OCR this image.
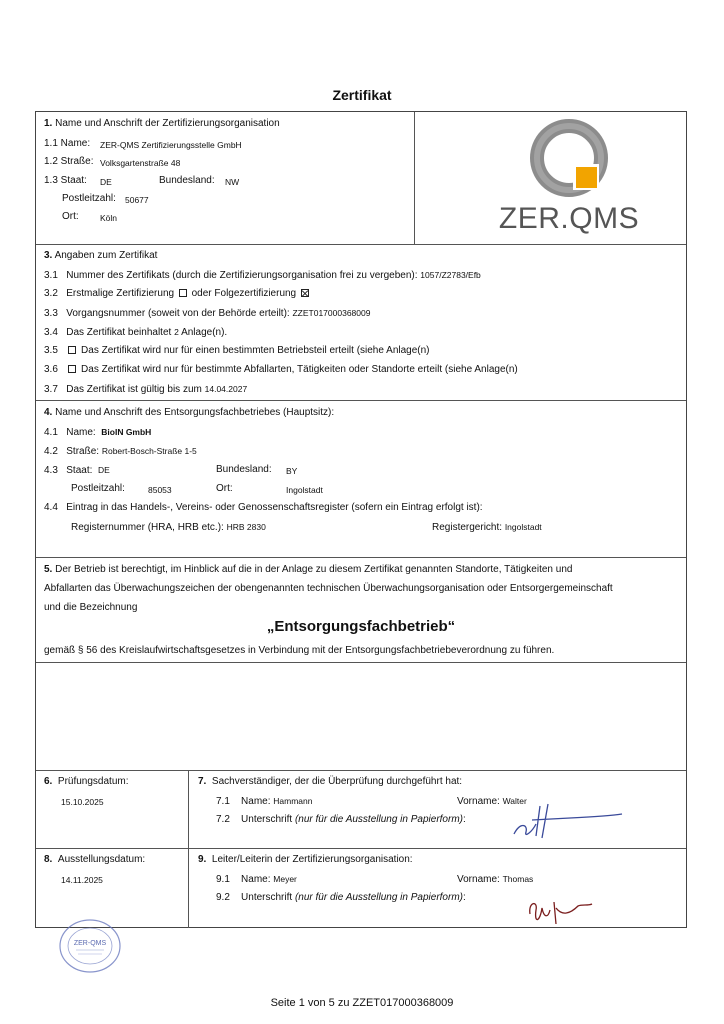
Zertifikat
ZER.QMS
1. Name und Anschrift der Zertifizierungsorganisation
1.1 Name: ZER-QMS Zertifizierungsstelle GmbH
1.2 Straße: Volksgartenstraße 48
1.3 Staat: DE	Bundesland: NW
Postleitzahl: 50677
Ort:	Köln
3. Angaben zum Zertifikat
3.1 Nummer des Zertifikats (durch die Zertifizierungsorganisation frei zu vergeben): 1057/Z2783/Efb
3.2 Erstmalige Zertifizierung oder Folgezertifizierung
3.3 Vorgangsnummer (soweit von der Behörde erteilt): ZZET017000368009
3.4 Das Zertifikat beinhaltet 2 Anlage(n).
3.5 Das Zertifikat wird nur für einen bestimmten Betriebsteil erteilt (siehe Anlage(n)
3.6 Das Zertifikat wird nur für bestimmte Abfallarten, Tätigkeiten oder Standorte erteilt (siehe Anlage(n)
3.7 Das Zertifikat ist gültig bis zum 14.04.2027
4. Name und Anschrift des Entsorgungsfachbetriebes (Hauptsitz):
4.1 Name: BioIN GmbH
4.2 Straße: Robert-Bosch-Straße 1-5
4.3 Staat: DE	Bundesland: BY
Postleitzahl:	85053	Ort:	Ingolstadt
4.4 Eintrag in das Handels-, Vereins- oder Genossenschaftsregister (sofern ein Eintrag erfolgt ist):
Registernummer (HRA, HRB etc.): HRB 2830	Registergericht: Ingolstadt
5. Der Betrieb ist berechtigt, im Hinblick auf die in der Anlage zu diesem Zertifikat genannten Standorte, Tätigkeiten und
Abfallarten das Überwachungszeichen der obengenannten technischen Überwachungsorganisation oder Entsorgergemeinschaft
und die Bezeichnung
„Entsorgungsfachbetrieb“
gemäß § 56 des Kreislaufwirtschaftsgesetzes in Verbindung mit der Entsorgungsfachbetriebeverordnung zu führen.
6. Prüfungsdatum:
15.10.2025
7. Sachverständiger, der die Überprüfung durchgeführt hat:
7.1 Name: Hammann	Vorname: Walter
7.2 Unterschrift (nur für die Ausstellung in Papierform):
8. Ausstellungsdatum:
14.11.2025
9. Leiter/Leiterin der Zertifizierungsorganisation:
9.1 Name: Meyer	Vorname: Thomas
9.2 Unterschrift (nur für die Ausstellung in Papierform):
ZER-QMS
Seite 1 von 5 zu ZZET017000368009
